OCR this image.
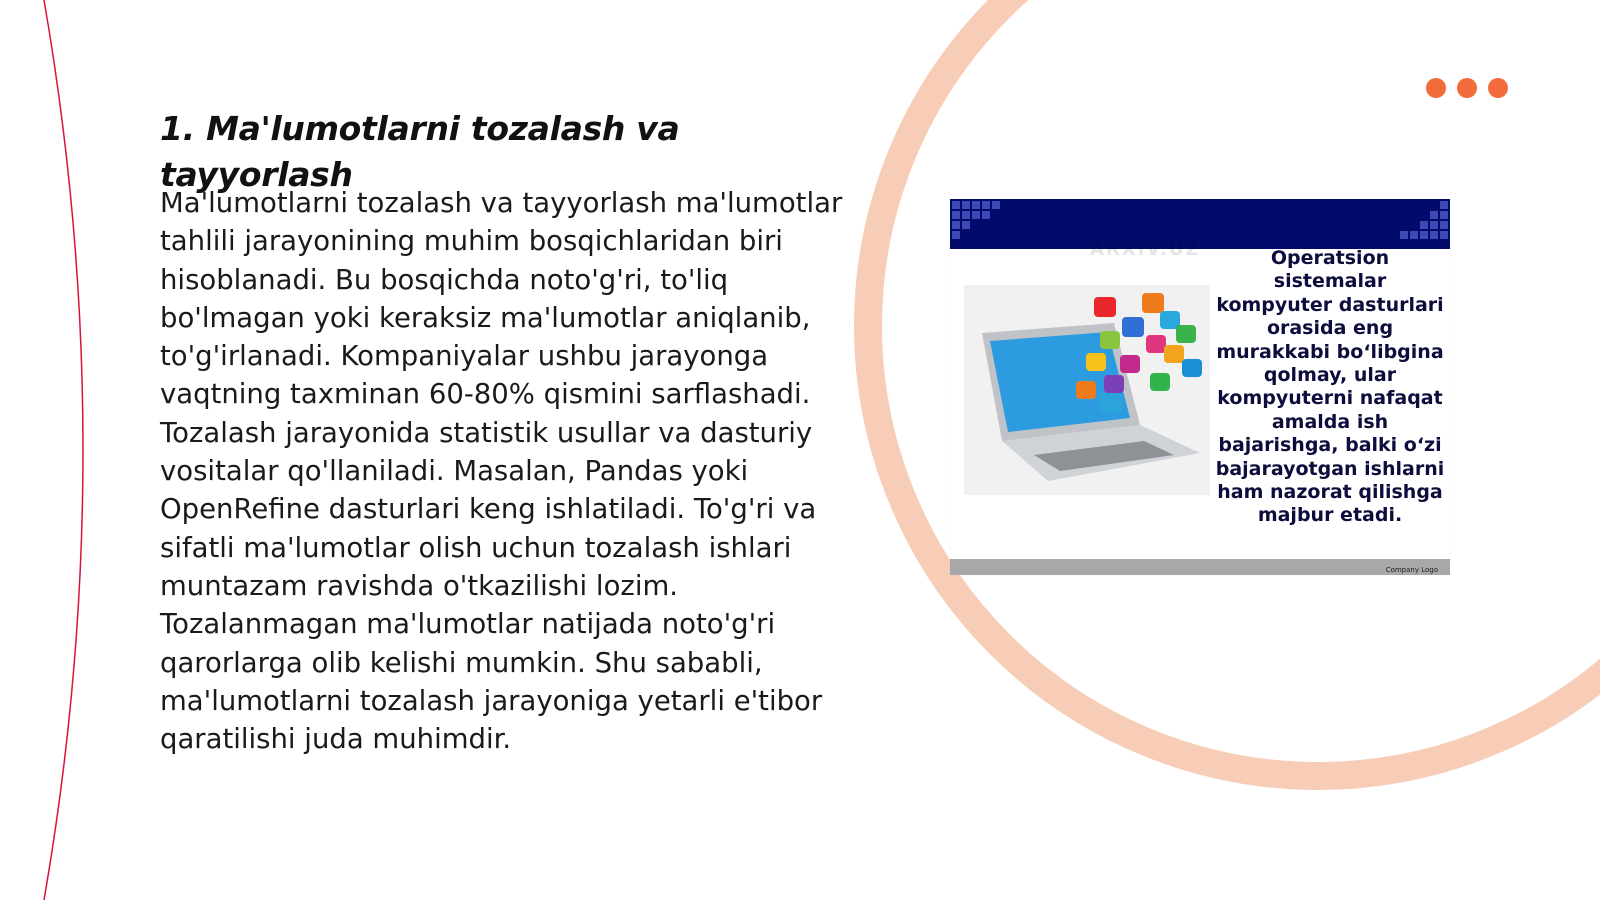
1. Ma'lumotlarni tozalash va tayyorlash

Ma'lumotlarni tozalash va tayyorlash ma'lumotlar tahlili jarayonining muhim bosqichlaridan biri hisoblanadi. Bu bosqichda noto'g'ri, to'liq bo'lmagan yoki keraksiz ma'lumotlar aniqlanib, to'g'irlanadi. Kompaniyalar ushbu jarayonga vaqtning taxminan 60-80% qismini sarflashadi. Tozalash jarayonida statistik usullar va dasturiy vositalar qo'llaniladi. Masalan, Pandas yoki OpenRefine dasturlari keng ishlatiladi. To'g'ri va sifatli ma'lumotlar olish uchun tozalash ishlari muntazam ravishda o'tkazilishi lozim. Tozalanmagan ma'lumotlar natijada noto'g'ri qarorlarga olib kelishi mumkin. Shu sababli, ma'lumotlarni tozalash jarayoniga yetarli e'tibor qaratilishi juda muhimdir.

ARXIV.UZ	Operatsion sistemalar kompyuter dasturlari orasida eng murakkabi bo‘libgina qolmay, ular kompyuterni nafaqat amalda ish bajarishga, balki o‘zi bajarayotgan ishlarni ham nazorat qilishga majbur etadi.

Company Logo
